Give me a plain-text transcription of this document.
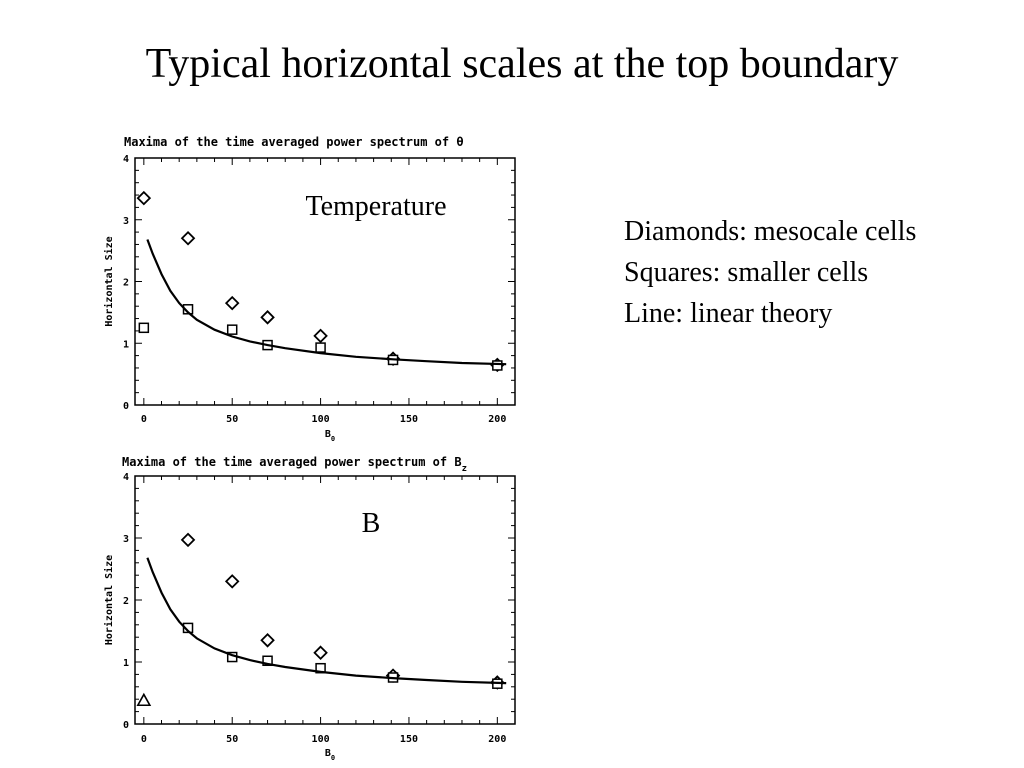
Typical horizontal scales at the top boundary
Diamonds: mesocale cells
Squares: smaller cells
Line: linear theory
Maxima of the time averaged power spectrum of θ
0
1
2
3
4
0	50	100	150	200
$B_0$
Horizontal Size
Temperature
Maxima of the time averaged power spectrum of $B_z$
0
1
2
3
4
0	50	100	150	200
$B_0$
Horizontal Size
B
